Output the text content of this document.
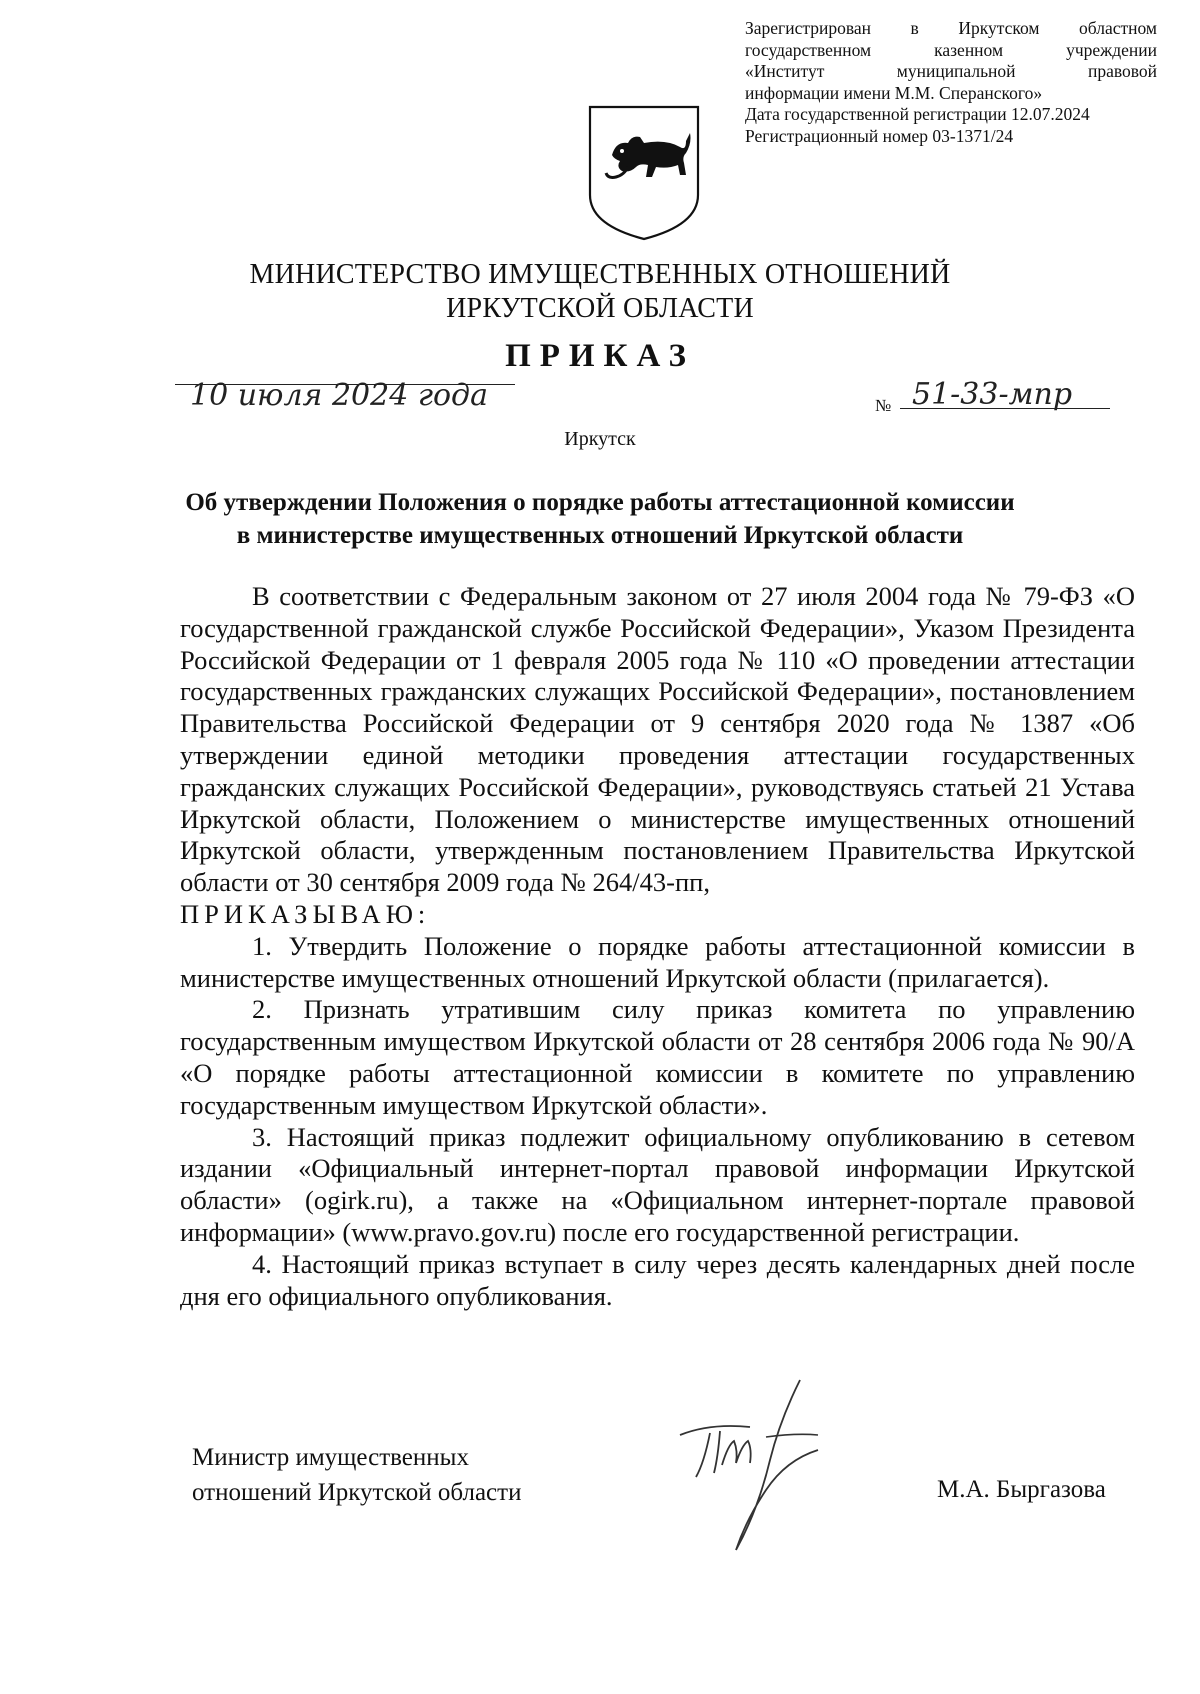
Зарегистрирован в Иркутском областном
государственном казенном учреждении
«Институт муниципальной правовой
информации имени М.М. Сперанского»
Дата государственной регистрации 12.07.2024
Регистрационный номер 03-1371/24
МИНИСТЕРСТВО ИМУЩЕСТВЕННЫХ ОТНОШЕНИЙ
ИРКУТСКОЙ ОБЛАСТИ
ПРИКАЗ
10 июля 2024 года	№ 51-33-мпр
Иркутск
Об утверждении Положения о порядке работы аттестационной комиссии
в министерстве имущественных отношений Иркутской области

В соответствии с Федеральным законом от 27 июля 2004 года № 79-ФЗ «О государственной гражданской службе Российской Федерации», Указом Президента Российской Федерации от 1 февраля 2005 года № 110 «О проведении аттестации государственных гражданских служащих Российской Федерации», постановлением Правительства Российской Федерации от 9 сентября 2020 года № 1387 «Об утверждении единой методики проведения аттестации государственных гражданских служащих Российской Федерации», руководствуясь статьей 21 Устава Иркутской области, Положением о министерстве имущественных отношений Иркутской области, утвержденным постановлением Правительства Иркутской области от 30 сентября 2009 года № 264/43-пп,

ПРИКАЗЫВАЮ:

1. Утвердить Положение о порядке работы аттестационной комиссии в министерстве имущественных отношений Иркутской области (прилагается).

2. Признать утратившим силу приказ комитета по управлению государственным имуществом Иркутской области от 28 сентября 2006 года № 90/А «О порядке работы аттестационной комиссии в комитете по управлению государственным имуществом Иркутской области».

3. Настоящий приказ подлежит официальному опубликованию в сетевом издании «Официальный интернет-портал правовой информации Иркутской области» (ogirk.ru), а также на «Официальном интернет-портале правовой информации» (www.pravo.gov.ru) после его государственной регистрации.

4. Настоящий приказ вступает в силу через десять календарных дней после дня его официального опубликования.

Министр имущественных
отношений Иркутской области	М.А. Быргазова
